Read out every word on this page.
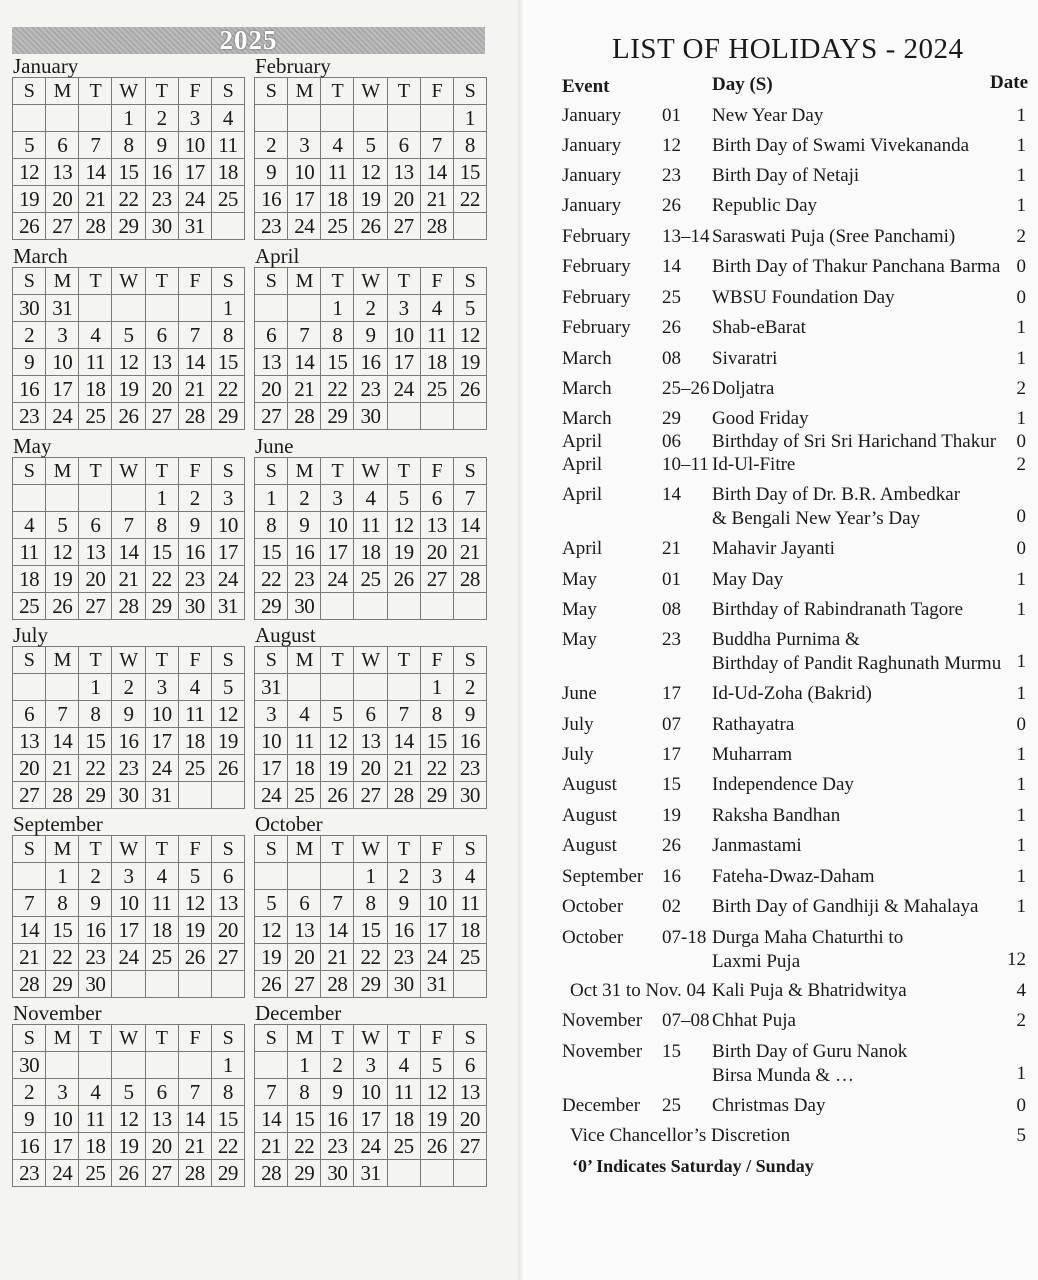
2025
January
S	M	T	W	T	F	S
			1	2	3	4
5	6	7	8	9	10	11
12	13	14	15	16	17	18
19	20	21	22	23	24	25
26	27	28	29	30	31	
February
S	M	T	W	T	F	S
						1
2	3	4	5	6	7	8
9	10	11	12	13	14	15
16	17	18	19	20	21	22
23	24	25	26	27	28	
March
S	M	T	W	T	F	S
30	31					1
2	3	4	5	6	7	8
9	10	11	12	13	14	15
16	17	18	19	20	21	22
23	24	25	26	27	28	29
April
S	M	T	W	T	F	S
		1	2	3	4	5
6	7	8	9	10	11	12
13	14	15	16	17	18	19
20	21	22	23	24	25	26
27	28	29	30			
May
S	M	T	W	T	F	S
				1	2	3
4	5	6	7	8	9	10
11	12	13	14	15	16	17
18	19	20	21	22	23	24
25	26	27	28	29	30	31
June
S	M	T	W	T	F	S
1	2	3	4	5	6	7
8	9	10	11	12	13	14
15	16	17	18	19	20	21
22	23	24	25	26	27	28
29	30					
July
S	M	T	W	T	F	S
		1	2	3	4	5
6	7	8	9	10	11	12
13	14	15	16	17	18	19
20	21	22	23	24	25	26
27	28	29	30	31		
August
S	M	T	W	T	F	S
31					1	2
3	4	5	6	7	8	9
10	11	12	13	14	15	16
17	18	19	20	21	22	23
24	25	26	27	28	29	30
September
S	M	T	W	T	F	S
	1	2	3	4	5	6
7	8	9	10	11	12	13
14	15	16	17	18	19	20
21	22	23	24	25	26	27
28	29	30				
October
S	M	T	W	T	F	S
			1	2	3	4
5	6	7	8	9	10	11
12	13	14	15	16	17	18
19	20	21	22	23	24	25
26	27	28	29	30	31	
November
S	M	T	W	T	F	S
30						1
2	3	4	5	6	7	8
9	10	11	12	13	14	15
16	17	18	19	20	21	22
23	24	25	26	27	28	29
December
S	M	T	W	T	F	S
	1	2	3	4	5	6
7	8	9	10	11	12	13
14	15	16	17	18	19	20
21	22	23	24	25	26	27
28	29	30	31			
LIST OF HOLIDAYS - 2024
Event	Day (S)	Date
January 01 New Year Day	1
January 12 Birth Day of Swami Vivekananda 1
January 23 Birth Day of Netaji	1
January 26 Republic Day	1
February 13–14 Saraswati Puja (Sree Panchami)	2
February 14 Birth Day of Thakur Panchana Barma 0
February 25 WBSU Foundation Day	0
February 26 Shab-eBarat	1
March	08 Sivaratri	1
March	25–26 Doljatra	2
March	29 Good Friday	1
April	06 Birthday of Sri Sri Harichand Thakur 0
April	10–11 Id-Ul-Fitre	2
April	14 Birth Day of Dr. B.R. Ambedkar
& Bengali New Year’s Day	0
April	21 Mahavir Jayanti	0
May	01 May Day	1
May	08 Birthday of Rabindranath Tagore	1
May	23 Buddha Purnima &
Birthday of Pandit Raghunath Murmu 1
June	17 Id-Ud-Zoha (Bakrid)	1
July	07 Rathayatra	0
July	17 Muharram	1
August 15 Independence Day	1
August 19 Raksha Bandhan	1
August 26 Janmastami	1
September 16 Fateha-Dwaz-Daham	1
October 02 Birth Day of Gandhiji & Mahalaya 1
October 07-18 Durga Maha Chaturthi to
Laxmi Puja	12
Oct 31 to Nov. 04 Kali Puja & Bhatridwitya	4
November 07–08 Chhat Puja	2
November 15 Birth Day of Guru Nanok
Birsa Munda & …	1
December 25 Christmas Day	0
Vice Chancellor’s Discretion	5
‘0’ Indicates Saturday / Sunday
